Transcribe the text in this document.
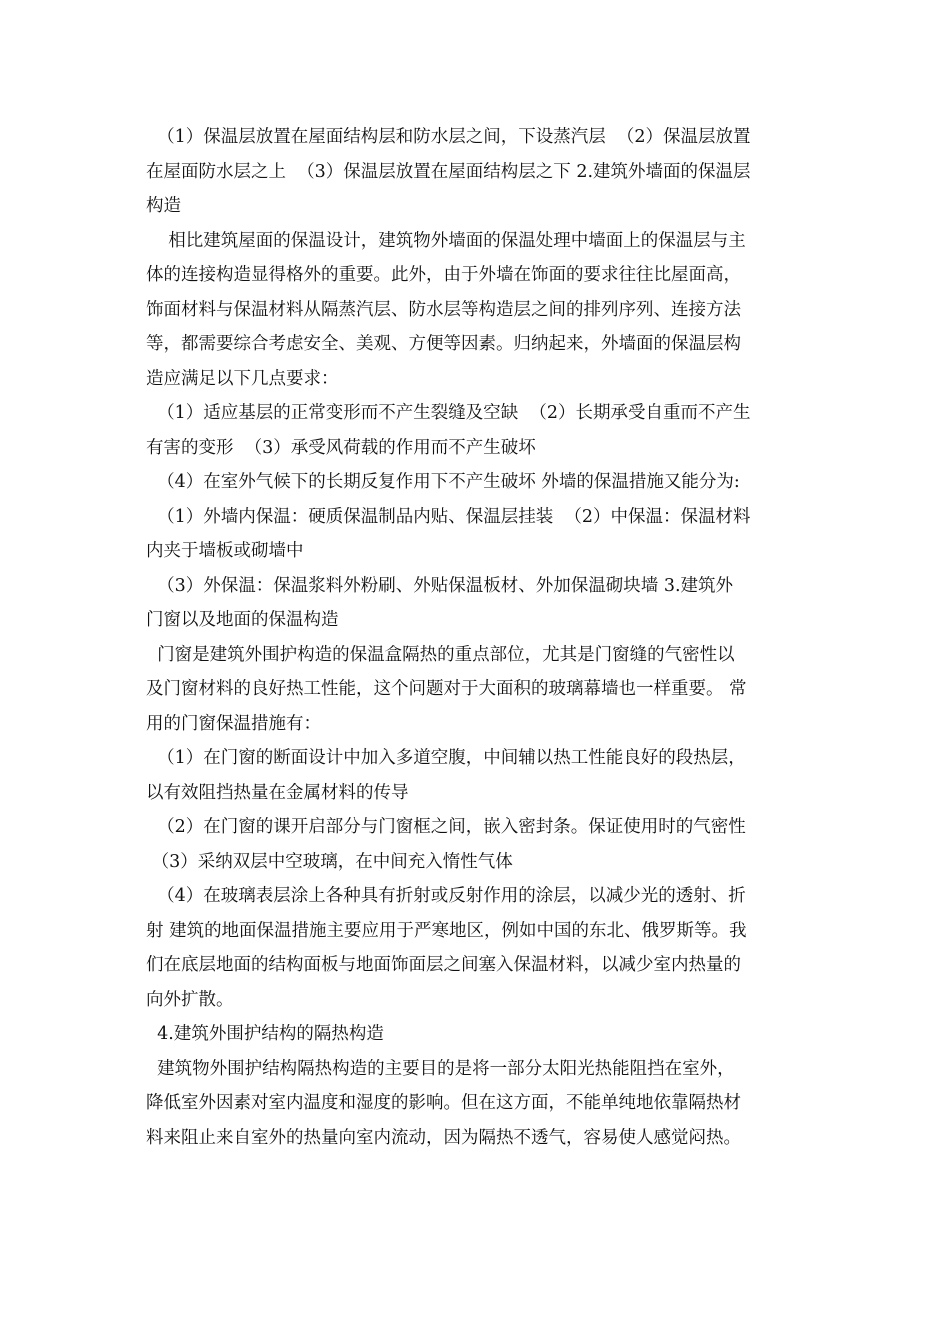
（1）保温层放置在屋面结构层和防水层之间，下设蒸汽层  （2）保温层放置
在屋面防水层之上  （3）保温层放置在屋面结构层之下 2.建筑外墙面的保温层
构造
相比建筑屋面的保温设计，建筑物外墙面的保温处理中墙面上的保温层与主
体的连接构造显得格外的重要。此外，由于外墙在饰面的要求往往比屋面高，
饰面材料与保温材料从隔蒸汽层、防水层等构造层之间的排列序列、连接方法
等，都需要综合考虑安全、美观、方便等因素。归纳起来，外墙面的保温层构
造应满足以下几点要求：
（1）适应基层的正常变形而不产生裂缝及空缺  （2）长期承受自重而不产生
有害的变形  （3）承受风荷载的作用而不产生破坏
（4）在室外气候下的长期反复作用下不产生破坏 外墙的保温措施又能分为:
（1）外墙内保温：硬质保温制品内贴、保温层挂装  （2）中保温：保温材料
内夹于墙板或砌墙中
（3）外保温：保温浆料外粉刷、外贴保温板材、外加保温砌块墙 3.建筑外
门窗以及地面的保温构造
门窗是建筑外围护构造的保温盒隔热的重点部位，尤其是门窗缝的气密性以
及门窗材料的良好热工性能，这个问题对于大面积的玻璃幕墙也一样重要。 常
用的门窗保温措施有：
（1）在门窗的断面设计中加入多道空腹，中间辅以热工性能良好的段热层，
以有效阻挡热量在金属材料的传导
（2）在门窗的课开启部分与门窗框之间，嵌入密封条。保证使用时的气密性
（3）采纳双层中空玻璃，在中间充入惰性气体
（4）在玻璃表层涂上各种具有折射或反射作用的涂层，以减少光的透射、折
射 建筑的地面保温措施主要应用于严寒地区，例如中国的东北、俄罗斯等。我
们在底层地面的结构面板与地面饰面层之间塞入保温材料，以减少室内热量的
向外扩散。
4.建筑外围护结构的隔热构造
建筑物外围护结构隔热构造的主要目的是将一部分太阳光热能阻挡在室外，
降低室外因素对室内温度和湿度的影响。但在这方面，不能单纯地依靠隔热材
料来阻止来自室外的热量向室内流动，因为隔热不透气，容易使人感觉闷热。
